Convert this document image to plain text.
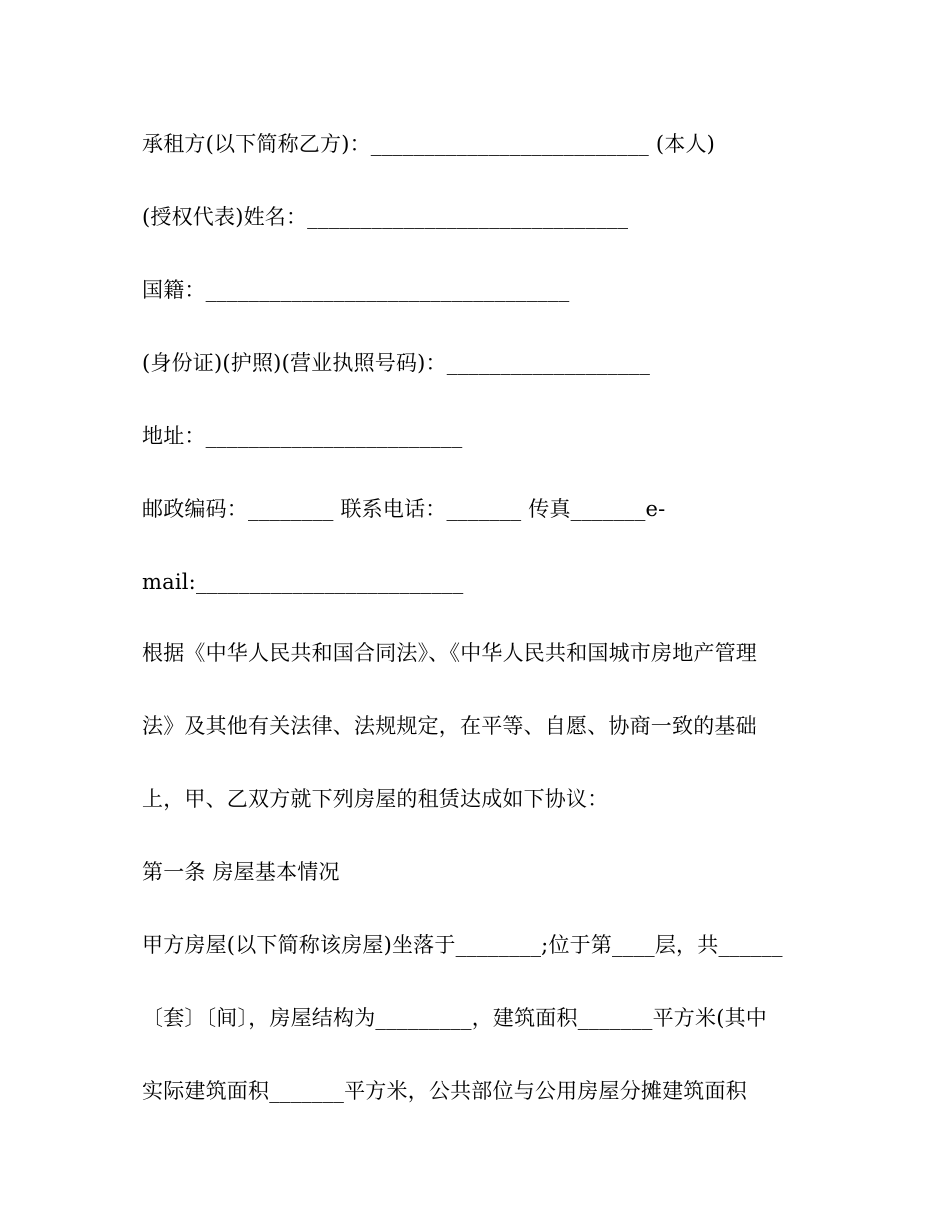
承租方(以下简称乙方)：__________________________ (本人)
(授权代表)姓名：______________________________
国籍：__________________________________
(身份证)(护照)(营业执照号码)：___________________
地址：________________________
邮政编码：________ 联系电话：_______ 传真_______e-
mail:_________________________
根据《中华人民共和国合同法》、《中华人民共和国城市房地产管理
法》及其他有关法律、法规规定，在平等、自愿、协商一致的基础
上，甲、乙双方就下列房屋的租赁达成如下协议：
第一条 房屋基本情况
甲方房屋(以下简称该房屋)坐落于________;位于第____层，共______
〔套〕〔间〕，房屋结构为_________，建筑面积_______平方米(其中
实际建筑面积_______平方米，公共部位与公用房屋分摊建筑面积
